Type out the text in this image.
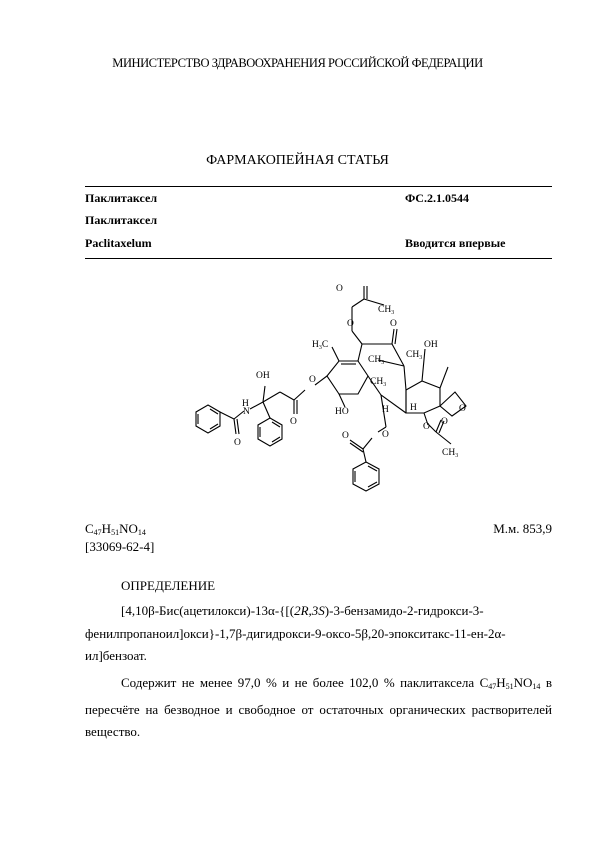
МИНИСТЕРСТВО ЗДРАВООХРАНЕНИЯ РОССИЙСКОЙ ФЕДЕРАЦИИ
ФАРМАКОПЕЙНАЯ СТАТЬЯ
Паклитаксел	ФС.2.1.0544
Паклитаксел
Paclitaxelum	Вводится впервые
O
$CH_3$
O	O
$H_3C$	OH
$CH_3$
$CH_3$
OH
$CH_3$
O
H
N
O
HO	H H	O
O
O
O
O
O
$CH_3$
$C_{47}H_{51}NO_{14}$	М.м. 853,9
[33069-62-4]
ОПРЕДЕЛЕНИЕ
[4,10β-Бис(ацетилокси)-13α-{[(2R,3S)-3-бензамидо-2-гидрокси-3-фенилпропаноил]окси}-1,7β-дигидрокси-9-оксо-5β,20-эпокситакс-11-ен-2α-ил]бензоат.
Содержит не менее 97,0 % и не более 102,0 % паклитаксела $C_{47}H_{51}NO_{14}$ в пересчёте на безводное и свободное от остаточных органических растворителей вещество.
